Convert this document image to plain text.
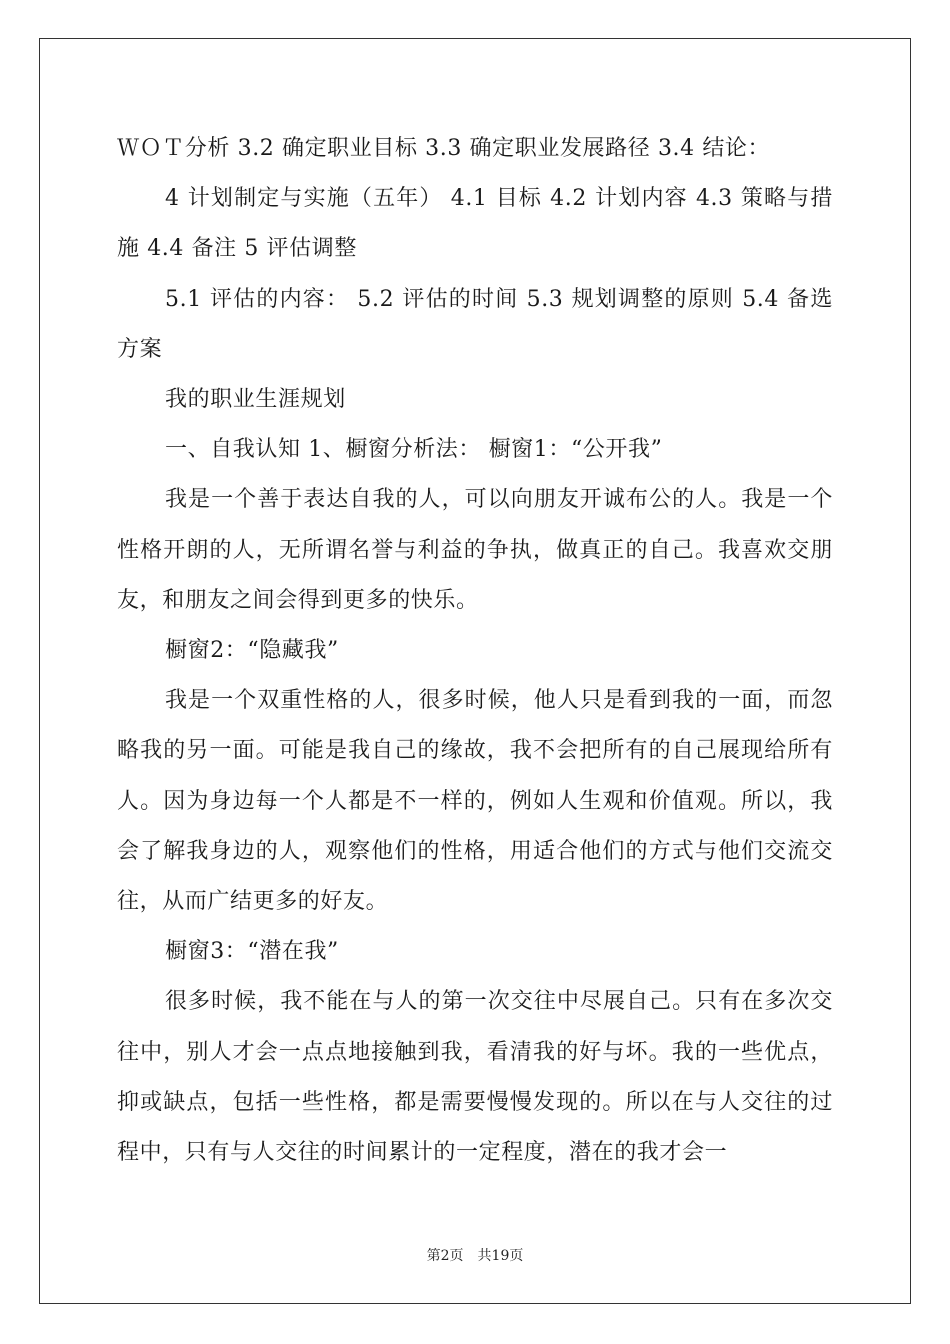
ＷＯＴ分析 3.2 确定职业目标 3.3 确定职业发展路径 3.4 结论：

4 计划制定与实施（五年） 4.1 目标 4.2 计划内容 4.3 策略与措施 4.4 备注 5 评估调整

5.1 评估的内容： 5.2 评估的时间 5.3 规划调整的原则 5.4 备选方案

我的职业生涯规划

一、自我认知 1、橱窗分析法： 橱窗1：“公开我”

我是一个善于表达自我的人，可以向朋友开诚布公的人。我是一个性格开朗的人，无所谓名誉与利益的争执，做真正的自己。我喜欢交朋友，和朋友之间会得到更多的快乐。

橱窗2：“隐藏我”

我是一个双重性格的人，很多时候，他人只是看到我的一面，而忽略我的另一面。可能是我自己的缘故，我不会把所有的自己展现给所有人。因为身边每一个人都是不一样的，例如人生观和价值观。所以，我会了解我身边的人，观察他们的性格，用适合他们的方式与他们交流交往，从而广结更多的好友。

橱窗3：“潜在我”

很多时候，我不能在与人的第一次交往中尽展自己。只有在多次交往中，别人才会一点点地接触到我，看清我的好与坏。我的一些优点，抑或缺点，包括一些性格，都是需要慢慢发现的。所以在与人交往的过程中，只有与人交往的时间累计的一定程度，潜在的我才会一

第2页 共19页
